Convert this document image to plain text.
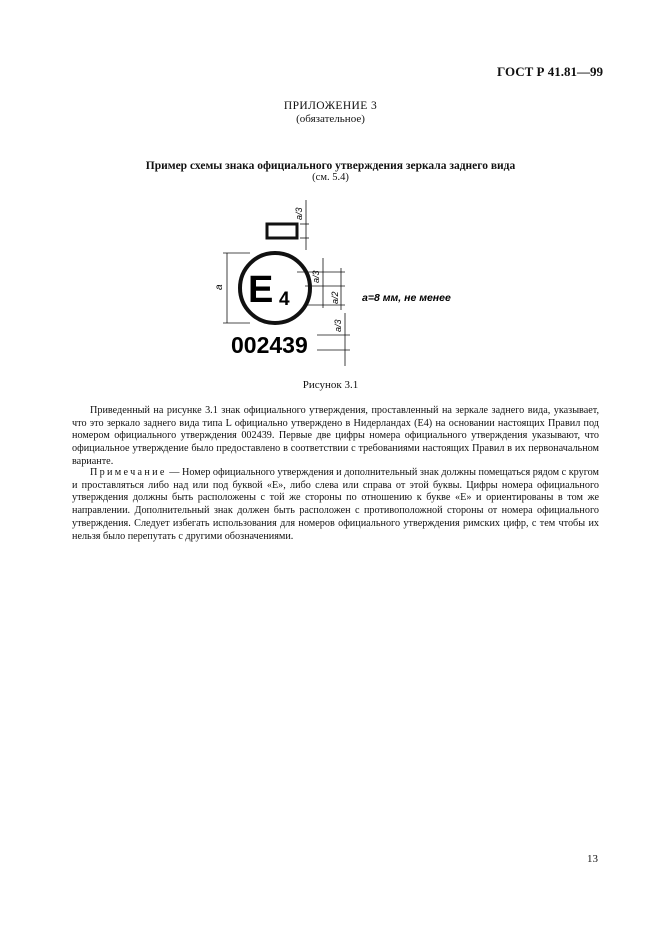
ГОСТ Р 41.81—99
ПРИЛОЖЕНИЕ 3
(обязательное)
Пример схемы знака официального утверждения зеркала заднего вида
(см. 5.4)
a/3
a E 4
a/3
a/2 a=8 мм, не менее
002439
a/3
Рисунок 3.1

Приведенный на рисунке 3.1 знак официального утверждения, проставленный на зеркале заднего вида, указывает, что это зеркало заднего вида типа L официально утверждено в Нидерландах (E4) на основании настоящих Правил под номером официального утверждения 002439. Первые две цифры номера официального утверждения указывают, что официальное утверждение было предоставлено в соответствии с требованиями настоящих Правил в их первоначальном варианте.

Примечание — Номер официального утверждения и дополнительный знак должны помещаться рядом с кругом и проставляться либо над или под буквой «E», либо слева или справа от этой буквы. Цифры номера официального утверждения должны быть расположены с той же стороны по отношению к букве «E» и ориентированы в том же направлении. Дополнительный знак должен быть расположен с противоположной стороны от номера официального утверждения. Следует избегать использования для номеров официального утверждения римских цифр, с тем чтобы их нельзя было перепутать с другими обозначениями.

13
